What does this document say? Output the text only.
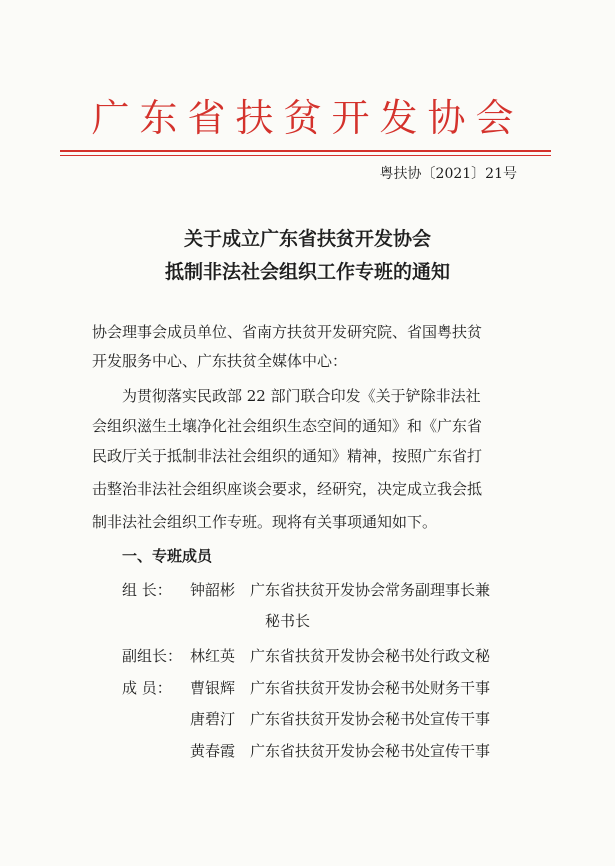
广东省扶贫开发协会
粤扶协〔2021〕21号
关于成立广东省扶贫开发协会
抵制非法社会组织工作专班的通知
协会理事会成员单位、省南方扶贫开发研究院、省国粤扶贫
开发服务中心、广东扶贫全媒体中心：
为贯彻落实民政部 22 部门联合印发《关于铲除非法社
会组织滋生土壤净化社会组织生态空间的通知》和《广东省
民政厅关于抵制非法社会组织的通知》精神，按照广东省打
击整治非法社会组织座谈会要求，经研究，决定成立我会抵
制非法社会组织工作专班。现将有关事项通知如下。
一、专班成员
组 长： 钟韶彬 广东省扶贫开发协会常务副理事长兼
秘书长
副组长： 林红英 广东省扶贫开发协会秘书处行政文秘
成 员： 曹银辉 广东省扶贫开发协会秘书处财务干事
唐碧汀 广东省扶贫开发协会秘书处宣传干事
黄春霞 广东省扶贫开发协会秘书处宣传干事
